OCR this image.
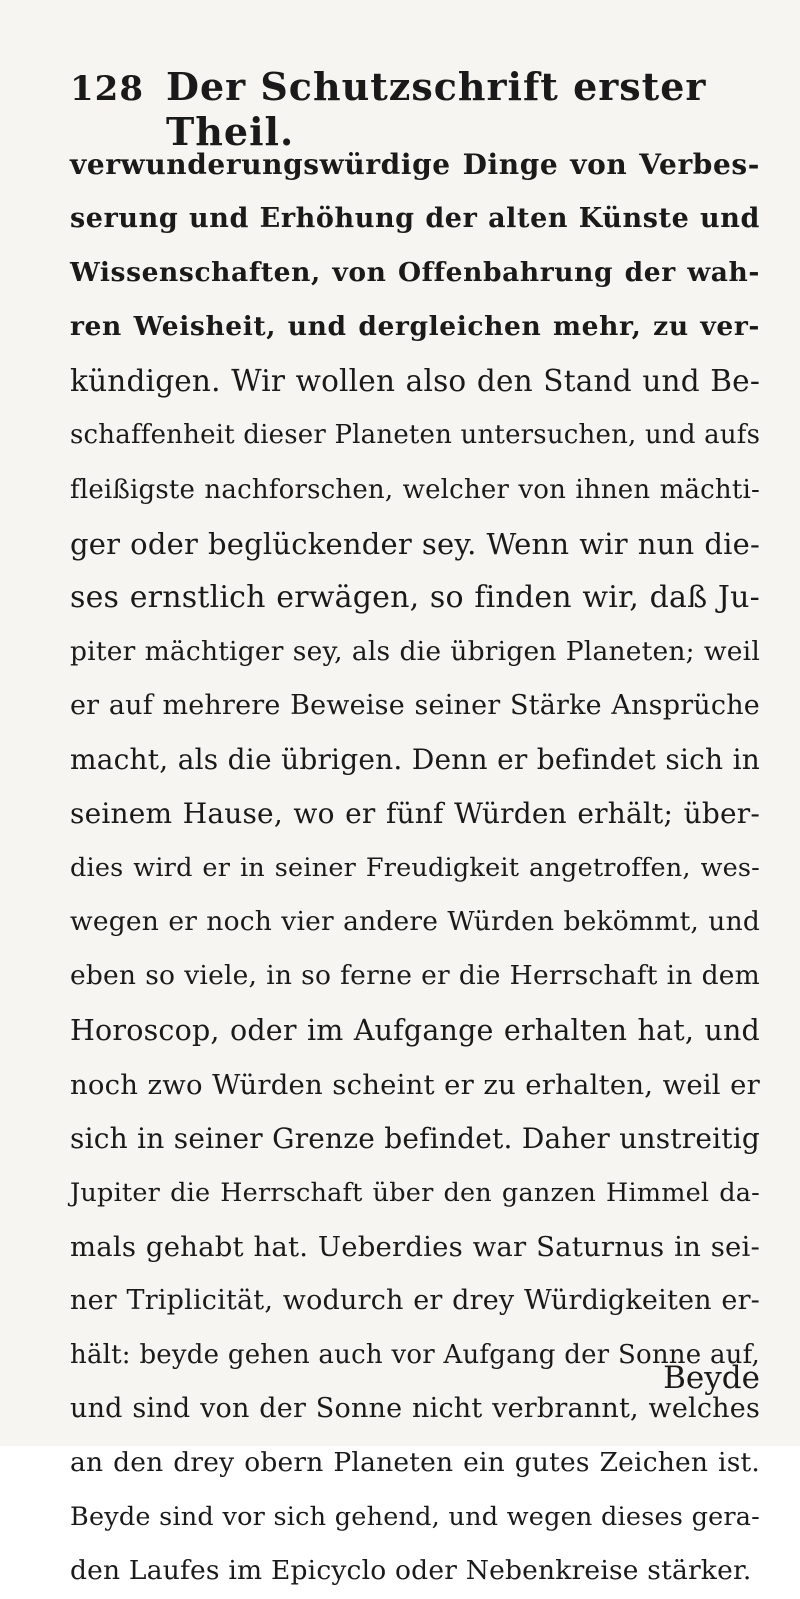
128 Der Schutzschrift erster Theil.
verwunderungswürdige Dinge von Verbes-
serung und Erhöhung der alten Künste und
Wissenschaften, von Offenbahrung der wah-
ren Weisheit, und dergleichen mehr, zu ver-
kündigen. Wir wollen also den Stand und Be-
schaffenheit dieser Planeten untersuchen, und aufs
fleißigste nachforschen, welcher von ihnen mächti-
ger oder beglückender sey. Wenn wir nun die-
ses ernstlich erwägen, so finden wir, daß Ju-
piter mächtiger sey, als die übrigen Planeten; weil
er auf mehrere Beweise seiner Stärke Ansprüche
macht, als die übrigen. Denn er befindet sich in
seinem Hause, wo er fünf Würden erhält; über-
dies wird er in seiner Freudigkeit angetroffen, wes-
wegen er noch vier andere Würden bekömmt, und
eben so viele, in so ferne er die Herrschaft in dem
Horoscop, oder im Aufgange erhalten hat, und
noch zwo Würden scheint er zu erhalten, weil er
sich in seiner Grenze befindet. Daher unstreitig
Jupiter die Herrschaft über den ganzen Himmel da-
mals gehabt hat. Ueberdies war Saturnus in sei-
ner Triplicität, wodurch er drey Würdigkeiten er-
hält: beyde gehen auch vor Aufgang der Sonne auf,
und sind von der Sonne nicht verbrannt, welches
an den drey obern Planeten ein gutes Zeichen ist.
Beyde sind vor sich gehend, und wegen dieses gera-
den Laufes im Epicyclo oder Nebenkreise stärker.
Beyde
